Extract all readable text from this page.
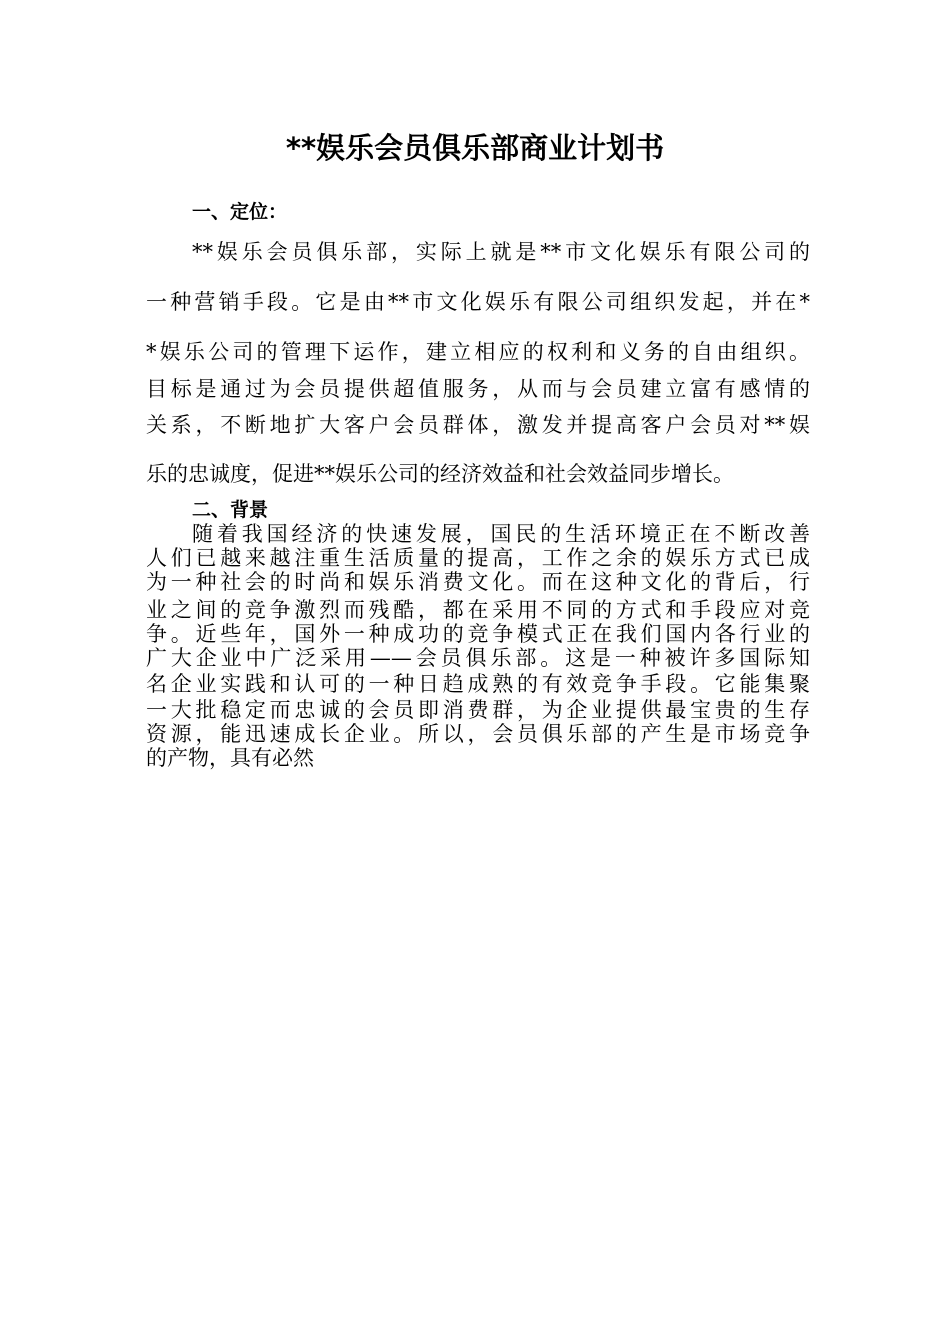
**娱乐会员俱乐部商业计划书
一、定位：
**娱乐会员俱乐部，实际上就是**市文化娱乐有限公司的
一种营销手段。它是由**市文化娱乐有限公司组织发起，并在*
*娱乐公司的管理下运作，建立相应的权利和义务的自由组织。
目标是通过为会员提供超值服务，从而与会员建立富有感情的
关系，不断地扩大客户会员群体，激发并提高客户会员对**娱
乐的忠诚度，促进**娱乐公司的经济效益和社会效益同步增长。
二、背景
随着我国经济的快速发展，国民的生活环境正在不断改善
人们已越来越注重生活质量的提高，工作之余的娱乐方式已成
为一种社会的时尚和娱乐消费文化。而在这种文化的背后，行
业之间的竞争激烈而残酷，都在采用不同的方式和手段应对竞
争。近些年，国外一种成功的竞争模式正在我们国内各行业的
广大企业中广泛采用——会员俱乐部。这是一种被许多国际知
名企业实践和认可的一种日趋成熟的有效竞争手段。它能集聚
一大批稳定而忠诚的会员即消费群，为企业提供最宝贵的生存
资源，能迅速成长企业。所以，会员俱乐部的产生是市场竞争
的产物，具有必然
